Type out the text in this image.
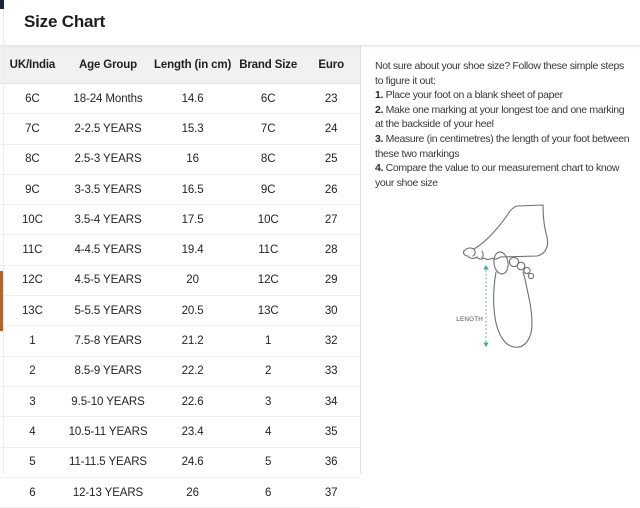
Size Chart
UK/India	Age Group	Length (in cm)	Brand Size	Euro
6C	18-24 Months	14.6	6C	23
7C	2-2.5 YEARS	15.3	7C	24
8C	2.5-3 YEARS	16	8C	25
9C	3-3.5 YEARS	16.5	9C	26
10C	3.5-4 YEARS	17.5	10C	27
11C	4-4.5 YEARS	19.4	11C	28
12C	4.5-5 YEARS	20	12C	29
13C	5-5.5 YEARS	20.5	13C	30
1	7.5-8 YEARS	21.2	1	32
2	8.5-9 YEARS	22.2	2	33
3	9.5-10 YEARS	22.6	3	34
4	10.5-11 YEARS	23.4	4	35
5	11-11.5 YEARS	24.6	5	36
6	12-13 YEARS	26	6	37
Not sure about your shoe size? Follow these simple steps to figure it out:
1. Place your foot on a blank sheet of paper
2. Make one marking at your longest toe and one marking at the backside of your heel
3. Measure (in centimetres) the length of your foot between these two markings
4. Compare the value to our measurement chart to know your shoe size
LENGTH
